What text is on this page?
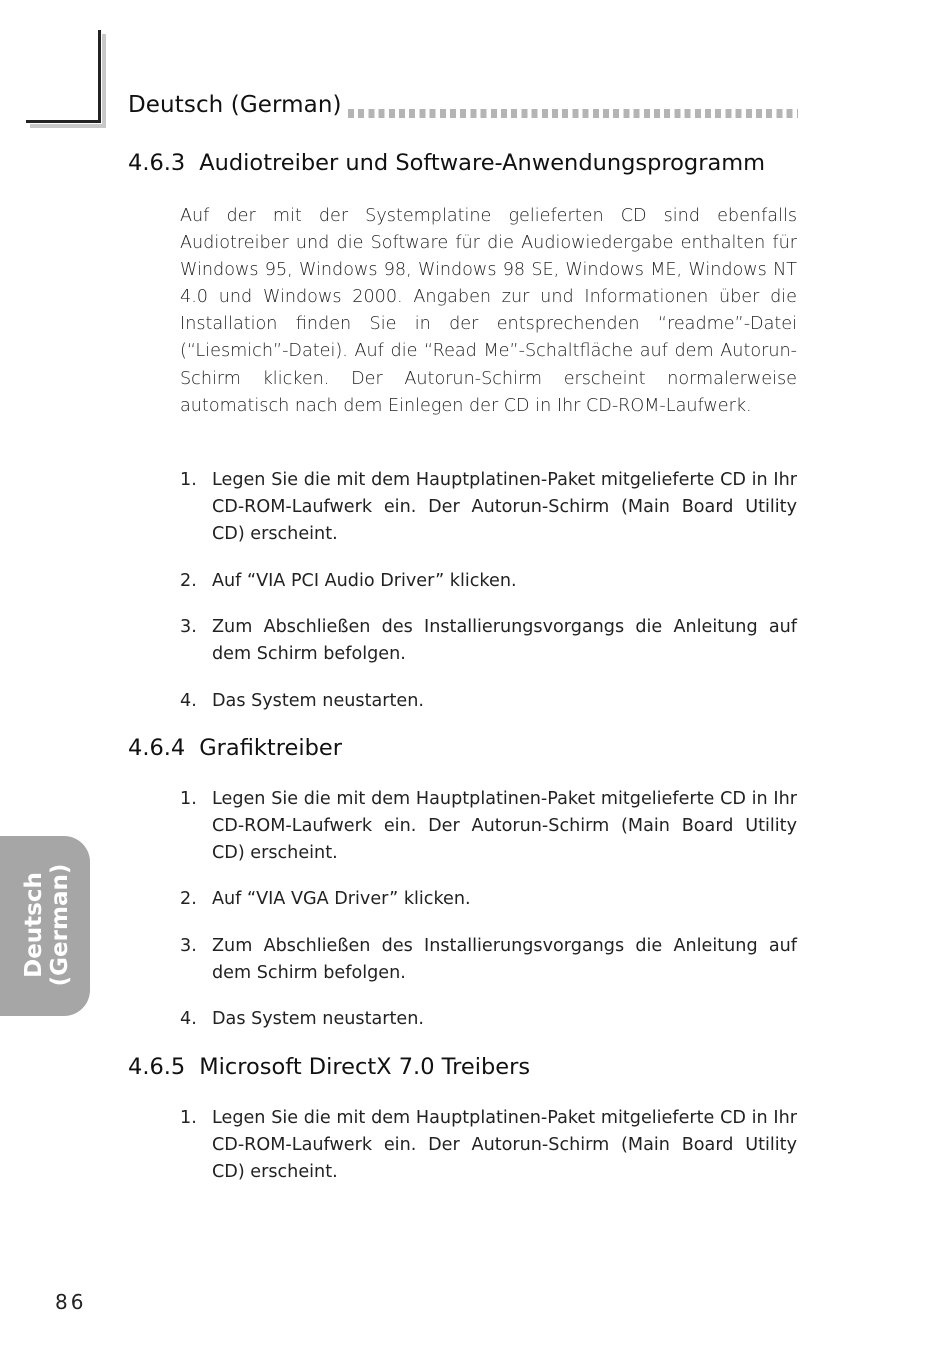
Deutsch (German)
4.6.3 Audiotreiber und Software-Anwendungsprogramm

Auf der mit der Systemplatine gelieferten CD sind ebenfalls Audiotreiber und die Software für die Audiowiedergabe enthalten für Windows 95, Windows 98, Windows 98 SE, Windows ME, Windows NT 4.0 und Windows 2000. Angaben zur und Informationen über die Installation finden Sie in der entsprechenden “readme”-Datei (“Liesmich”-Datei). Auf die “Read Me”-Schaltfläche auf dem Autorun-Schirm klicken. Der Autorun-Schirm erscheint normalerweise automatisch nach dem Einlegen der CD in Ihr CD-ROM-Laufwerk.

1. Legen Sie die mit dem Hauptplatinen-Paket mitgelieferte CD in Ihr CD-ROM-Laufwerk ein. Der Autorun-Schirm (Main Board Utility CD) erscheint.
2. Auf “VIA PCI Audio Driver” klicken.
3. Zum Abschließen des Installierungsvorgangs die Anleitung auf dem Schirm befolgen.
4. Das System neustarten.
4.6.4 Grafiktreiber
1. Legen Sie die mit dem Hauptplatinen-Paket mitgelieferte CD in Ihr CD-ROM-Laufwerk ein. Der Autorun-Schirm (Main Board Utility CD) erscheint.
2. Auf “VIA VGA Driver” klicken.
3. Zum Abschließen des Installierungsvorgangs die Anleitung auf dem Schirm befolgen.
4. Das System neustarten.
4.6.5 Microsoft DirectX 7.0 Treibers
1. Legen Sie die mit dem Hauptplatinen-Paket mitgelieferte CD in Ihr CD-ROM-Laufwerk ein. Der Autorun-Schirm (Main Board Utility CD) erscheint.
Deutsch (German)
86
